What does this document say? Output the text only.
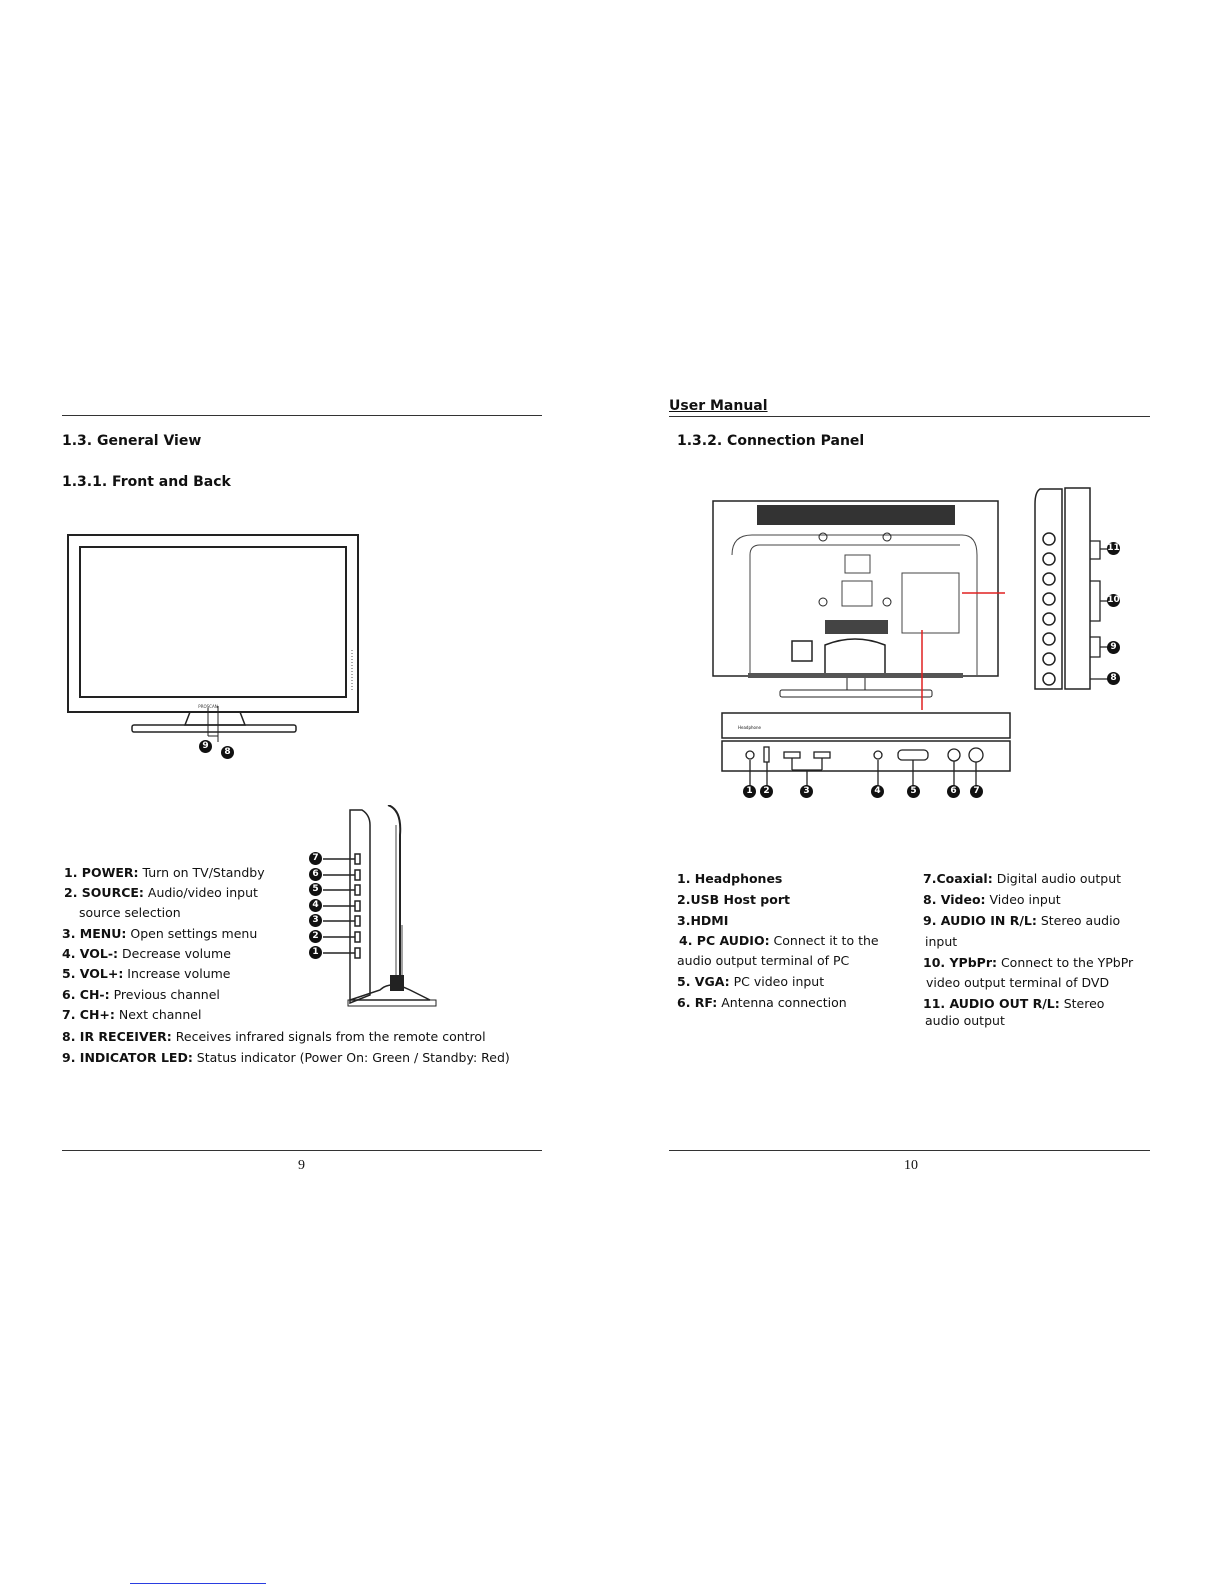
1.3. General View
1.3.1. Front and Back
PROSCAN
9
8
7
6
5
4
3
2
1
1. POWER: Turn on TV/Standby
2. SOURCE: Audio/video input
source selection
3. MENU: Open settings menu
4. VOL-: Decrease volume
5. VOL+: Increase volume
6. CH-: Previous channel
7. CH+: Next channel
8. IR RECEIVER: Receives infrared signals from the remote control
9. INDICATOR LED: Status indicator (Power On: Green / Standby: Red)
9
User Manual
1.3.2. Connection Panel
11
10
9
8
Headphone
1	2	3	4	5	6	7
1. Headphones
2.USB Host port
3.HDMI
4. PC AUDIO: Connect it to the
audio output terminal of PC
5. VGA: PC video input
6. RF: Antenna connection
7.Coaxial: Digital audio output
8. Video: Video input
9. AUDIO IN R/L: Stereo audio
input
10. YPbPr: Connect to the YPbPr
video output terminal of DVD
11. AUDIO OUT R/L: Stereo
audio output
10
